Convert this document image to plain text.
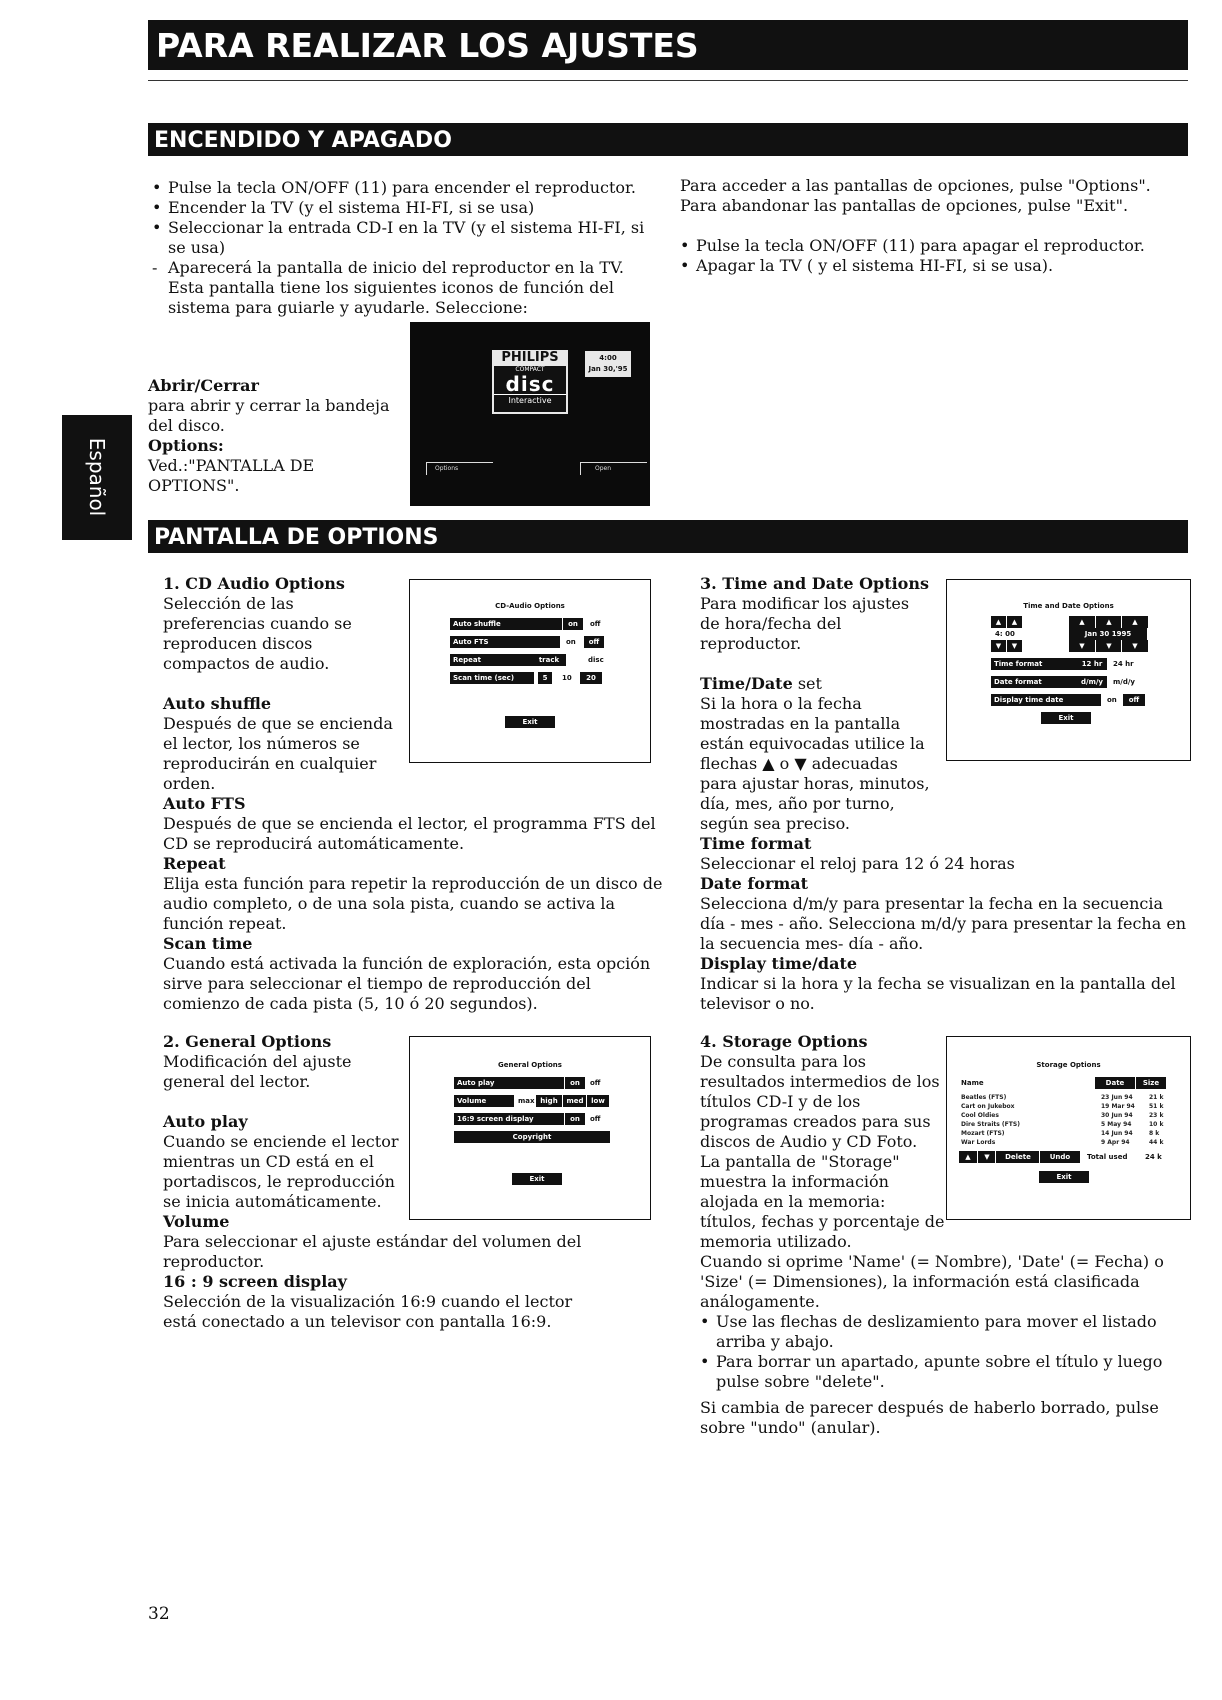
PARA REALIZAR LOS AJUSTES
Español
ENCENDIDO Y APAGADO
• Pulse la tecla ON/OFF (11) para encender el reproductor.
• Encender la TV (y el sistema HI-FI, si se usa)
• Seleccionar la entrada CD-I en la TV (y el sistema HI-FI, si se usa)
- Aparecerá la pantalla de inicio del reproductor en la TV. Esta pantalla tiene los siguientes iconos de función del sistema para guiarle y ayudarle. Seleccione:
Para acceder a las pantallas de opciones, pulse "Options". Para abandonar las pantallas de opciones, pulse "Exit".
• Pulse la tecla ON/OFF (11) para apagar el reproductor.
• Apagar la TV ( y el sistema HI-FI, si se usa).
Abrir/Cerrar
para abrir y cerrar la bandeja del disco.
Options:
Ved.:"PANTALLA DE OPTIONS".
PHILIPS
COMPACT
disc
Interactive
4:00
Jan 30,'95
Options	Open
PANTALLA DE OPTIONS
1. CD Audio Options
Selección de las preferencias cuando se reproducen discos compactos de audio.
Auto shuffle
Después de que se encienda el lector, los números se reproducirán en cualquier orden.
Auto FTS
Después de que se encienda el lector, el programma FTS del CD se reproducirá automáticamente.
Repeat
Elija esta función para repetir la reproducción de un disco de audio completo, o de una sola pista, cuando se activa la función repeat.
Scan time
Cuando está activada la función de exploración, esta opción sirve para seleccionar el tiempo de reproducción del comienzo de cada pista (5, 10 ó 20 segundos).
CD-Audio Options
Auto shuffle	on	off
Auto FTS	on	off
Repeat	track	disc
Scan time (sec)	5	10	20
Exit
3. Time and Date Options
Para modificar los ajustes de hora/fecha del reproductor.
Time/Date set
Si la hora o la fecha mostradas en la pantalla están equivocadas utilice la flechas ▲ o ▼ adecuadas para ajustar horas, minutos, día, mes, año por turno, según sea preciso.
Time format
Seleccionar el reloj para 12 ó 24 horas
Date format
Selecciona d/m/y para presentar la fecha en la secuencia día - mes - año. Selecciona m/d/y para presentar la fecha en la secuencia mes- día - año.
Display time/date
Indicar si la hora y la fecha se visualizan en la pantalla del televisor o no.
Time and Date Options
▲	▲
4: 00
▼	▼
▲	▲	▲
Jan 30 1995
▼	▼	▼
Time format	12 hr	24 hr
Date format	d/m/y	m/d/y
Display time date	on	off
Exit
2. General Options
Modificación del ajuste general del lector.
Auto play
Cuando se enciende el lector mientras un CD está en el portadiscos, le reproducción se inicia automáticamente.
Volume
Para seleccionar el ajuste estándar del volumen del reproductor.
16 : 9 screen display
Selección de la visualización 16:9 cuando el lector está conectado a un televisor con pantalla 16:9.
General Options
Auto play	on	off
Volume	max high	med	low
16:9 screen display	on	off
Copyright
Exit
4. Storage Options
De consulta para los resultados intermedios de los títulos CD-I y de los programas creados para sus discos de Audio y CD Foto.
La pantalla de "Storage" muestra la información alojada en la memoria: títulos, fechas y porcentaje de memoria utilizado.
Cuando si oprime 'Name' (= Nombre), 'Date' (= Fecha) o 'Size' (= Dimensiones), la información está clasificada análogamente.
• Use las flechas de deslizamiento para mover el listado arriba y abajo.
• Para borrar un apartado, apunte sobre el título y luego pulse sobre "delete".
Si cambia de parecer después de haberlo borrado, pulse sobre "undo" (anular).
Storage Options
Name	Date	Size
Beatles (FTS)	23 Jun 94	21 k
Cart on Jukebox	19 Mar 94 51 k
Cool Oldies	30 Jun 94	23 k
Dire Straits (FTS)	5 May 94	10 k
Mozart (FTS)	14 Jun 94	8 k
War Lords	9 Apr 94	44 k
▲	▼	Delete	Undo	Total used	24 k
Exit
32
